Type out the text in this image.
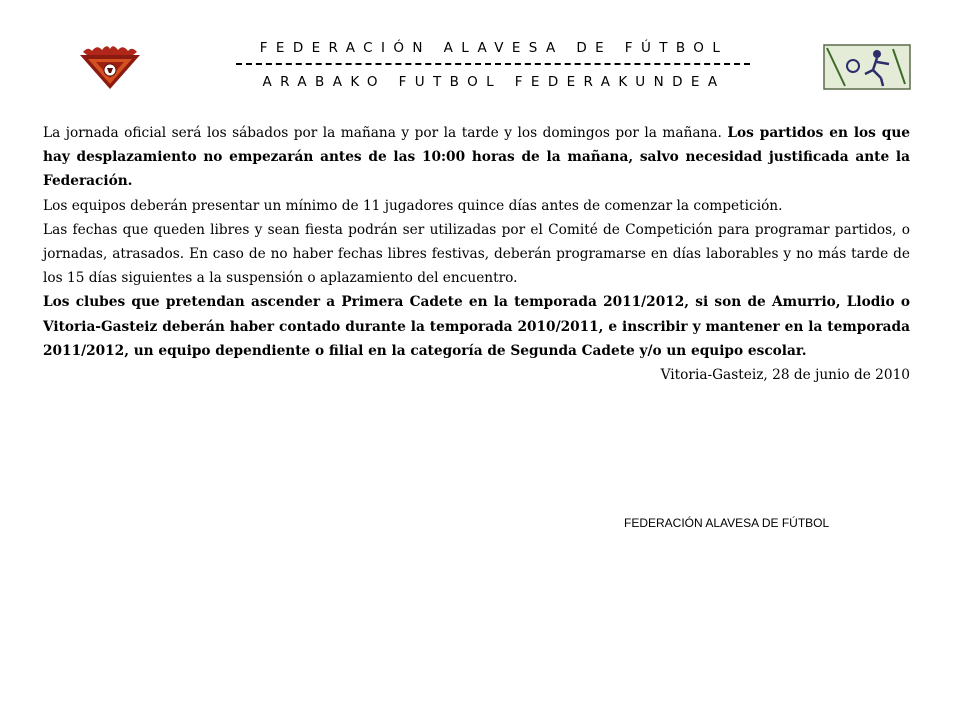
FEDERACIÓN ALAVESA DE FÚTBOL
ARABAKO FUTBOL FEDERAKUNDEA

La jornada oficial será los sábados por la mañana y por la tarde y los domingos por la mañana. Los partidos en los que hay desplazamiento no empezarán antes de las 10:00 horas de la mañana, salvo necesidad justificada ante la Federación.

Los equipos deberán presentar un mínimo de 11 jugadores quince días antes de comenzar la competición.

Las fechas que queden libres y sean fiesta podrán ser utilizadas por el Comité de Competición para programar partidos, o jornadas, atrasados. En caso de no haber fechas libres festivas, deberán programarse en días laborables y no más tarde de los 15 días siguientes a la suspensión o aplazamiento del encuentro.

Los clubes que pretendan ascender a Primera Cadete en la temporada 2011/2012, si son de Amurrio, Llodio o Vitoria-Gasteiz deberán haber contado durante la temporada 2010/2011, e inscribir y mantener en la temporada 2011/2012, un equipo dependiente o filial en la categoría de Segunda Cadete y/o un equipo escolar.

Vitoria-Gasteiz, 28 de junio de 2010

FEDERACIÓN ALAVESA DE FÚTBOL
